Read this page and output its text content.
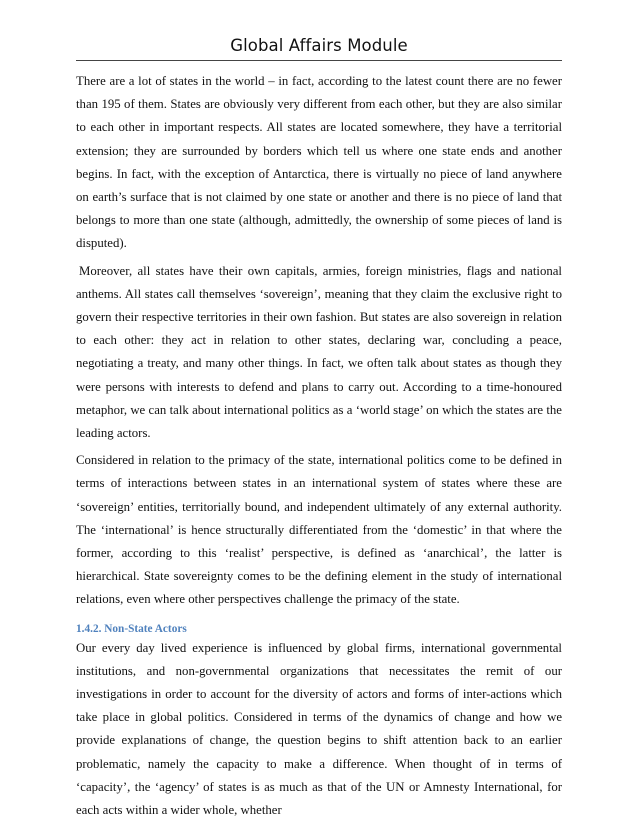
Global Affairs Module

There are a lot of states in the world – in fact, according to the latest count there are no fewer than 195 of them. States are obviously very different from each other, but they are also similar to each other in important respects. All states are located somewhere, they have a territorial extension; they are surrounded by borders which tell us where one state ends and another begins. In fact, with the exception of Antarctica, there is virtually no piece of land anywhere on earth’s surface that is not claimed by one state or another and there is no piece of land that belongs to more than one state (although, admittedly, the ownership of some pieces of land is disputed).

Moreover, all states have their own capitals, armies, foreign ministries, flags and national anthems. All states call themselves ‘sovereign’, meaning that they claim the exclusive right to govern their respective territories in their own fashion. But states are also sovereign in relation to each other: they act in relation to other states, declaring war, concluding a peace, negotiating a treaty, and many other things. In fact, we often talk about states as though they were persons with interests to defend and plans to carry out. According to a time-honoured metaphor, we can talk about international politics as a ‘world stage’ on which the states are the leading actors.

Considered in relation to the primacy of the state, international politics come to be defined in terms of interactions between states in an international system of states where these are ‘sovereign’ entities, territorially bound, and independent ultimately of any external authority. The ‘international’ is hence structurally differentiated from the ‘domestic’ in that where the former, according to this ‘realist’ perspective, is defined as ‘anarchical’, the latter is hierarchical. State sovereignty comes to be the defining element in the study of international relations, even where other perspectives challenge the primacy of the state.

1.4.2. Non-State Actors

Our every day lived experience is influenced by global firms, international governmental institutions, and non-governmental organizations that necessitates the remit of our investigations in order to account for the diversity of actors and forms of inter-actions which take place in global politics. Considered in terms of the dynamics of change and how we provide explanations of change, the question begins to shift attention back to an earlier problematic, namely the capacity to make a difference. When thought of in terms of ‘capacity’, the ‘agency’ of states is as much as that of the UN or Amnesty International, for each acts within a wider whole, whether
